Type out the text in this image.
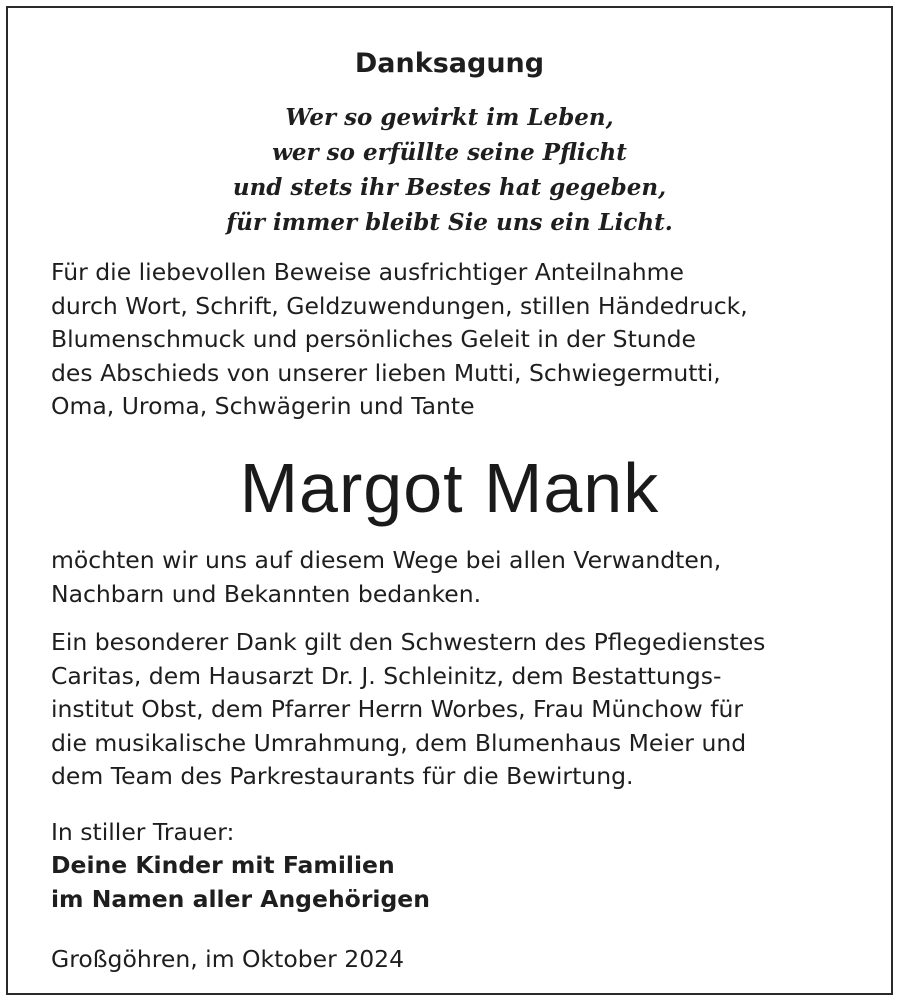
Danksagung
Wer so gewirkt im Leben,
wer so erfüllte seine Pflicht
und stets ihr Bestes hat gegeben,
für immer bleibt Sie uns ein Licht.
Für die liebevollen Beweise ausfrichtiger Anteilnahme
durch Wort, Schrift, Geldzuwendungen, stillen Händedruck,
Blumenschmuck und persönliches Geleit in der Stunde
des Abschieds von unserer lieben Mutti, Schwiegermutti,
Oma, Uroma, Schwägerin und Tante
Margot Mank
möchten wir uns auf diesem Wege bei allen Verwandten,
Nachbarn und Bekannten bedanken.
Ein besonderer Dank gilt den Schwestern des Pflegedienstes
Caritas, dem Hausarzt Dr. J. Schleinitz, dem Bestattungs-
institut Obst, dem Pfarrer Herrn Worbes, Frau Münchow für
die musikalische Umrahmung, dem Blumenhaus Meier und
dem Team des Parkrestaurants für die Bewirtung.
In stiller Trauer:
Deine Kinder mit Familien
im Namen aller Angehörigen
Großgöhren, im Oktober 2024
